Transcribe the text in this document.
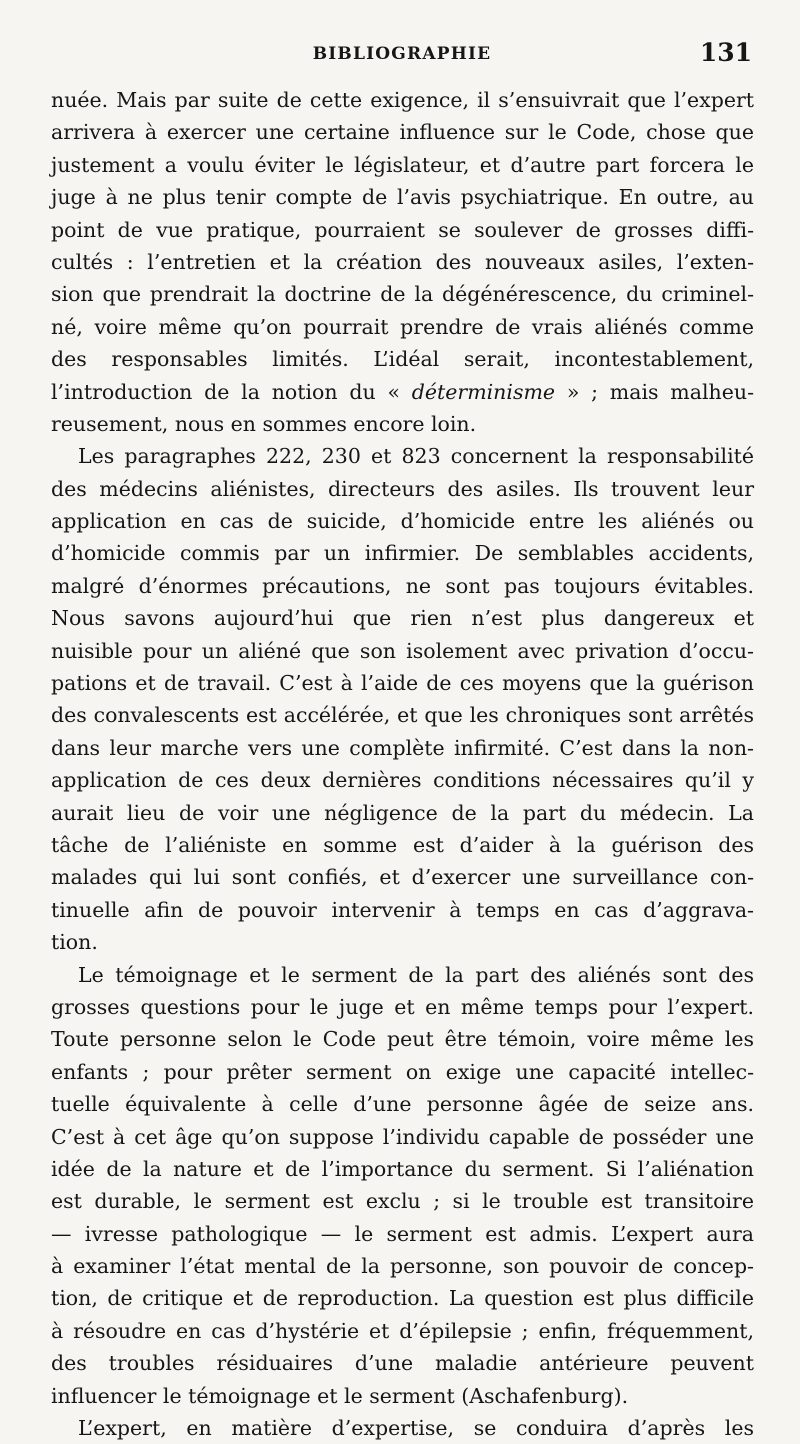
BIBLIOGRAPHIE	131
nuée. Mais par suite de cette exigence, il s’ensuivrait que l’expert
arrivera à exercer une certaine influence sur le Code, chose que
justement a voulu éviter le législateur, et d’autre part forcera le
juge à ne plus tenir compte de l’avis psychiatrique. En outre, au
point de vue pratique, pourraient se soulever de grosses diffi-
cultés : l’entretien et la création des nouveaux asiles, l’exten-
sion que prendrait la doctrine de la dégénérescence, du criminel-
né, voire même qu’on pourrait prendre de vrais aliénés comme
des responsables limités. L’idéal serait, incontestablement,
l’introduction de la notion du « déterminisme » ; mais malheu-
reusement, nous en sommes encore loin.
Les paragraphes 222, 230 et 823 concernent la responsabilité
des médecins aliénistes, directeurs des asiles. Ils trouvent leur
application en cas de suicide, d’homicide entre les aliénés ou
d’homicide commis par un infirmier. De semblables accidents,
malgré d’énormes précautions, ne sont pas toujours évitables.
Nous savons aujourd’hui que rien n’est plus dangereux et
nuisible pour un aliéné que son isolement avec privation d’occu-
pations et de travail. C’est à l’aide de ces moyens que la guérison
des convalescents est accélérée, et que les chroniques sont arrêtés
dans leur marche vers une complète infirmité. C’est dans la non-
application de ces deux dernières conditions nécessaires qu’il y
aurait lieu de voir une négligence de la part du médecin. La
tâche de l’aliéniste en somme est d’aider à la guérison des
malades qui lui sont confiés, et d’exercer une surveillance con-
tinuelle afin de pouvoir intervenir à temps en cas d’aggrava-
tion.
Le témoignage et le serment de la part des aliénés sont des
grosses questions pour le juge et en même temps pour l’expert.
Toute personne selon le Code peut être témoin, voire même les
enfants ; pour prêter serment on exige une capacité intellec-
tuelle équivalente à celle d’une personne âgée de seize ans.
C’est à cet âge qu’on suppose l’individu capable de posséder une
idée de la nature et de l’importance du serment. Si l’aliénation
est durable, le serment est exclu ; si le trouble est transitoire
— ivresse pathologique — le serment est admis. L’expert aura
à examiner l’état mental de la personne, son pouvoir de concep-
tion, de critique et de reproduction. La question est plus difficile
à résoudre en cas d’hystérie et d’épilepsie ; enfin, fréquemment,
des troubles résiduaires d’une maladie antérieure peuvent
influencer le témoignage et le serment (Aschafenburg).
L’expert, en matière d’expertise, se conduira d’après les
